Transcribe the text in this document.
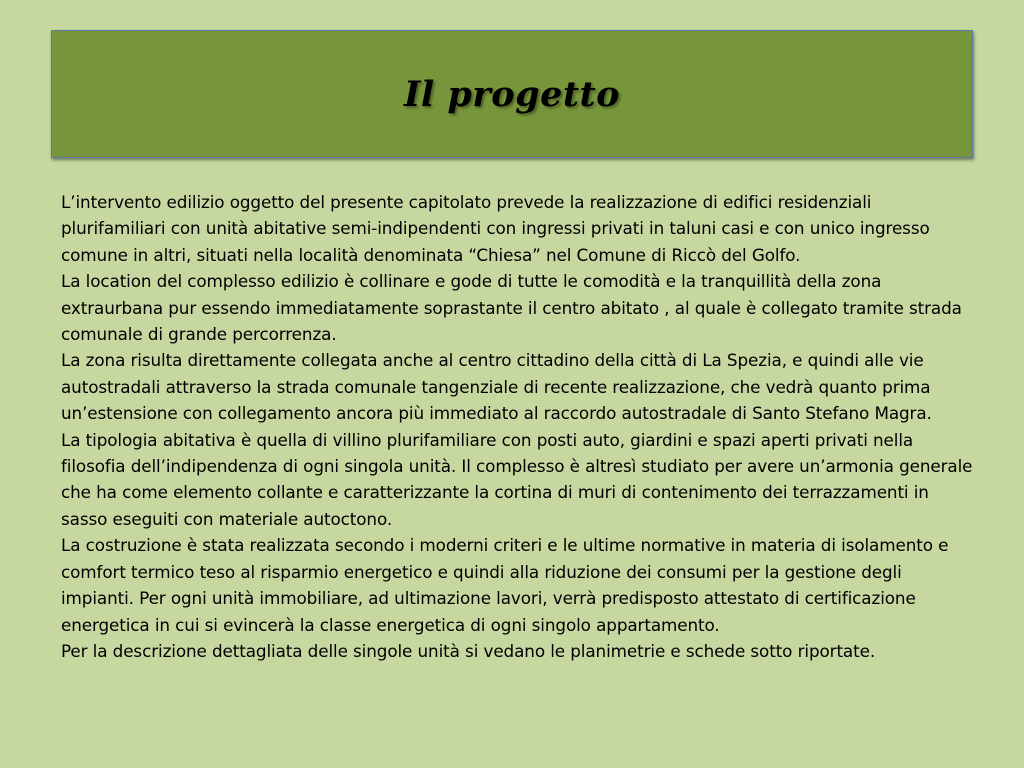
Il progetto

L’intervento edilizio oggetto del presente capitolato prevede la realizzazione di edifici residenziali plurifamiliari con unità abitative semi-indipendenti con ingressi privati in taluni casi e con unico ingresso comune in altri, situati nella località denominata “Chiesa” nel Comune di Riccò del Golfo.

La location del complesso edilizio è collinare e gode di tutte le comodità e la tranquillità della zona extraurbana pur essendo immediatamente soprastante il centro abitato , al quale è collegato tramite strada comunale di grande percorrenza.

La zona risulta direttamente collegata anche al centro cittadino della città di La Spezia, e quindi alle vie autostradali attraverso la strada comunale tangenziale di recente realizzazione, che vedrà quanto prima un’estensione con collegamento ancora più immediato al raccordo autostradale di Santo Stefano Magra.

La tipologia abitativa è quella di villino plurifamiliare con posti auto, giardini e spazi aperti privati nella filosofia dell’indipendenza di ogni singola unità. Il complesso è altresì studiato per avere un’armonia generale che ha come elemento collante e caratterizzante la cortina di muri di contenimento dei terrazzamenti in sasso eseguiti con materiale autoctono.

La costruzione è stata realizzata secondo i moderni criteri e le ultime normative in materia di isolamento e comfort termico teso al risparmio energetico e quindi alla riduzione dei consumi per la gestione degli impianti. Per ogni unità immobiliare, ad ultimazione lavori, verrà predisposto attestato di certificazione energetica in cui si evincerà la classe energetica di ogni singolo appartamento.

Per la descrizione dettagliata delle singole unità si vedano le planimetrie e schede sotto riportate.
